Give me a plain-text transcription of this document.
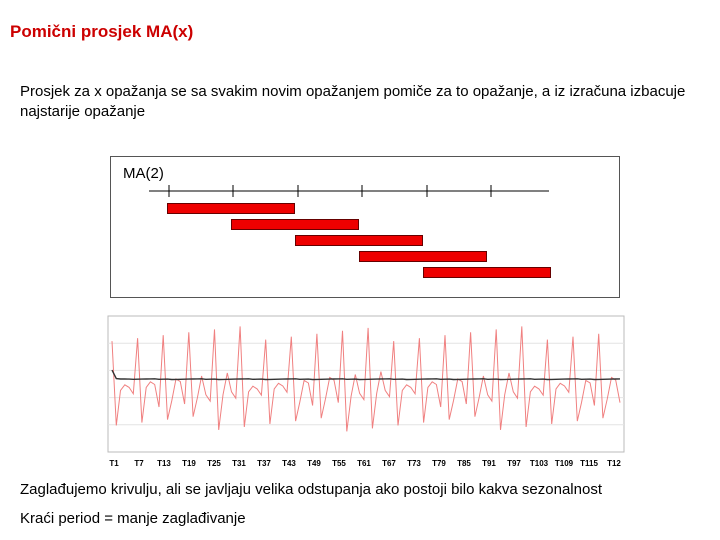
Pomični prosjek MA(x)
Prosjek za x opažanja se sa svakim novim opažanjem pomiče za to opažanje, a iz izračuna izbacuje najstarije opažanje
MA(2)
T1 T7 T13 T19 T25 T31 T37 T43 T49 T55 T61 T67 T73 T79 T85 T91 T97 T103 T109 T115 T12
Zaglađujemo krivulju, ali se javljaju velika odstupanja ako postoji bilo kakva sezonalnost
Kraći period = manje zaglađivanje
